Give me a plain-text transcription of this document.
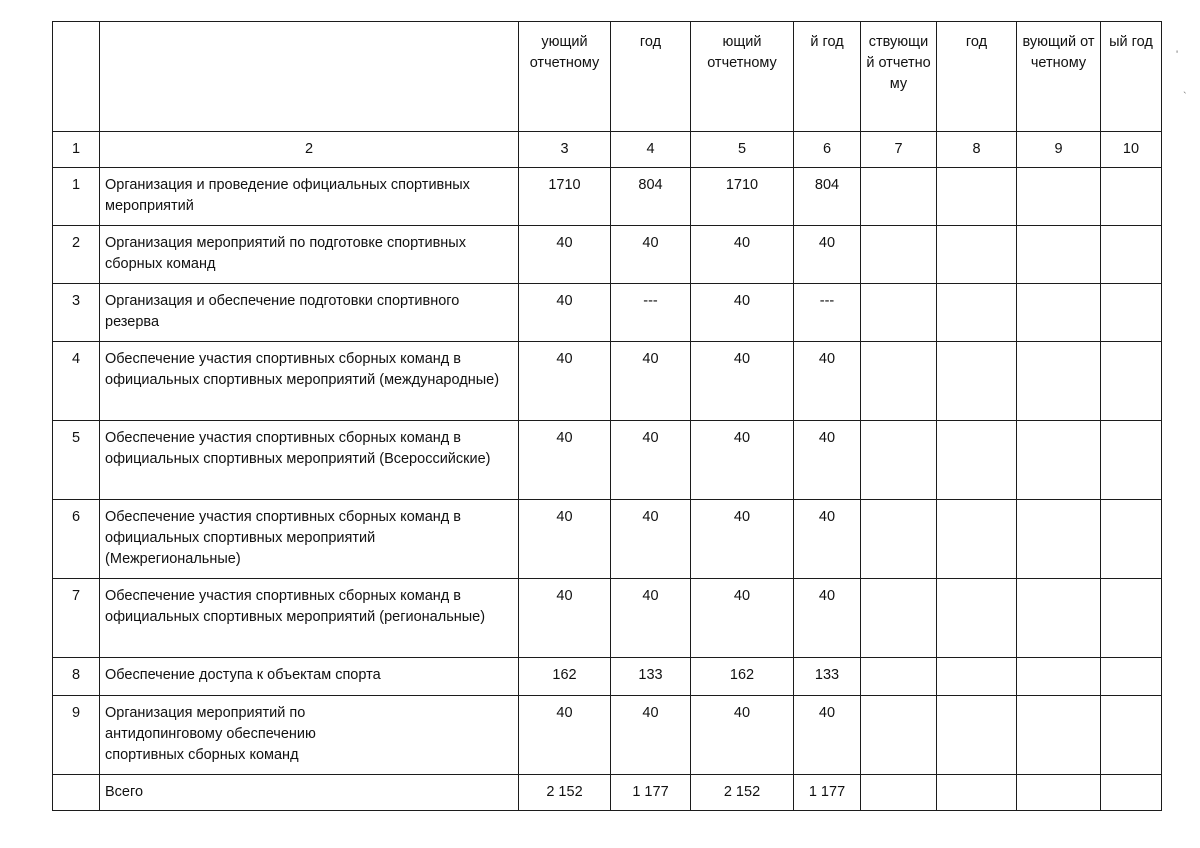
		ующий отчетному	год	ющий отчетному	й год	ствующий отчетному	год	вующий отчетному	ый год
1	2	3	4	5	6	7	8	9	10
1	Организация и проведение официальных спортивных мероприятий	1710	804	1710	804				
2	Организация мероприятий по подготовке спортивных сборных команд	40	40	40	40				
3	Организация и обеспечение подготовки спортивного резерва	40	---	40	---				
4	Обеспечение участия спортивных сборных команд в официальных спортивных мероприятий (международные)	40	40	40	40				
5	Обеспечение участия спортивных сборных команд в официальных спортивных мероприятий (Всероссийские)	40	40	40	40				
6	Обеспечение участия спортивных сборных команд в официальных спортивных мероприятий (Межрегиональные)	40	40	40	40				
7	Обеспечение участия спортивных сборных команд в официальных спортивных мероприятий (региональные)	40	40	40	40				
8	Обеспечение доступа к объектам спорта	162	133	162	133				
9	Организация мероприятий по антидопинговому обеспечению спортивных сборных команд	40	40	40	40				
	Всего	2 152	1 177	2 152	1 177				
'
`
